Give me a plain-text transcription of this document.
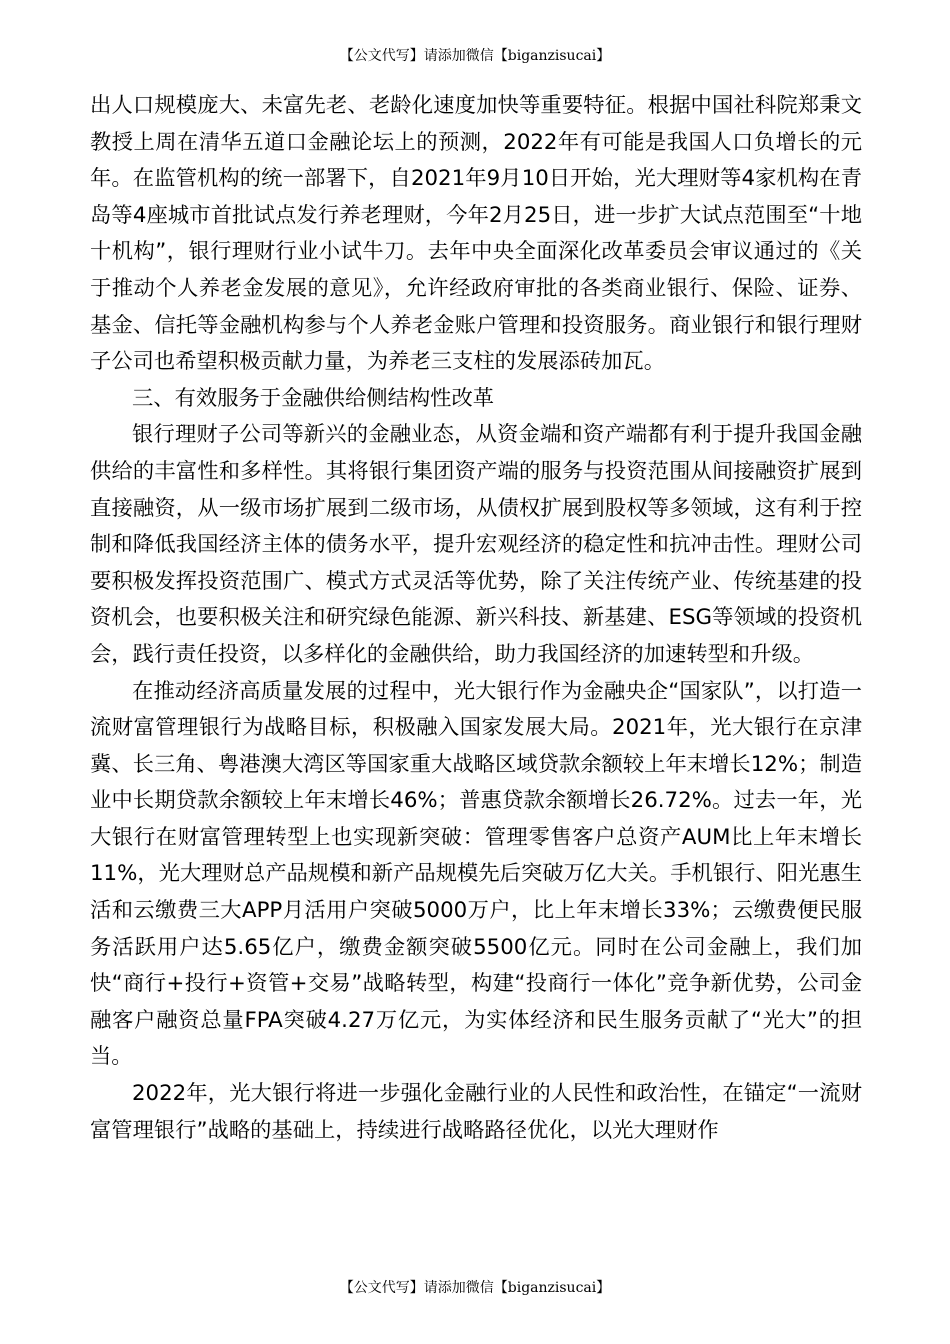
【公文代写】请添加微信【biganzisucai】

出人口规模庞大、未富先老、老龄化速度加快等重要特征。根据中国社科院郑秉文教授上周在清华五道口金融论坛上的预测，2022年有可能是我国人口负增长的元年。在监管机构的统一部署下，自2021年9月10日开始，光大理财等4家机构在青岛等4座城市首批试点发行养老理财，今年2月25日，进一步扩大试点范围至“十地十机构”，银行理财行业小试牛刀。去年中央全面深化改革委员会审议通过的《关于推动个人养老金发展的意见》，允许经政府审批的各类商业银行、保险、证券、基金、信托等金融机构参与个人养老金账户管理和投资服务。商业银行和银行理财子公司也希望积极贡献力量，为养老三支柱的发展添砖加瓦。

三、有效服务于金融供给侧结构性改革

银行理财子公司等新兴的金融业态，从资金端和资产端都有利于提升我国金融供给的丰富性和多样性。其将银行集团资产端的服务与投资范围从间接融资扩展到直接融资，从一级市场扩展到二级市场，从债权扩展到股权等多领域，这有利于控制和降低我国经济主体的债务水平，提升宏观经济的稳定性和抗冲击性。理财公司要积极发挥投资范围广、模式方式灵活等优势，除了关注传统产业、传统基建的投资机会，也要积极关注和研究绿色能源、新兴科技、新基建、ESG等领域的投资机会，践行责任投资，以多样化的金融供给，助力我国经济的加速转型和升级。

在推动经济高质量发展的过程中，光大银行作为金融央企“国家队”，以打造一流财富管理银行为战略目标，积极融入国家发展大局。2021年，光大银行在京津冀、长三角、粤港澳大湾区等国家重大战略区域贷款余额较上年末增长12%；制造业中长期贷款余额较上年末增长46%；普惠贷款余额增长26.72%。过去一年，光大银行在财富管理转型上也实现新突破：管理零售客户总资产AUM比上年末增长11%，光大理财总产品规模和新产品规模先后突破万亿大关。手机银行、阳光惠生活和云缴费三大APP月活用户突破5000万户，比上年末增长33%；云缴费便民服务活跃用户达5.65亿户，缴费金额突破5500亿元。同时在公司金融上，我们加快“商行+投行+资管+交易”战略转型，构建“投商行一体化”竞争新优势，公司金融客户融资总量FPA突破4.27万亿元，为实体经济和民生服务贡献了“光大”的担当。

2022年，光大银行将进一步强化金融行业的人民性和政治性，在锚定“一流财富管理银行”战略的基础上，持续进行战略路径优化，以光大理财作

【公文代写】请添加微信【biganzisucai】
